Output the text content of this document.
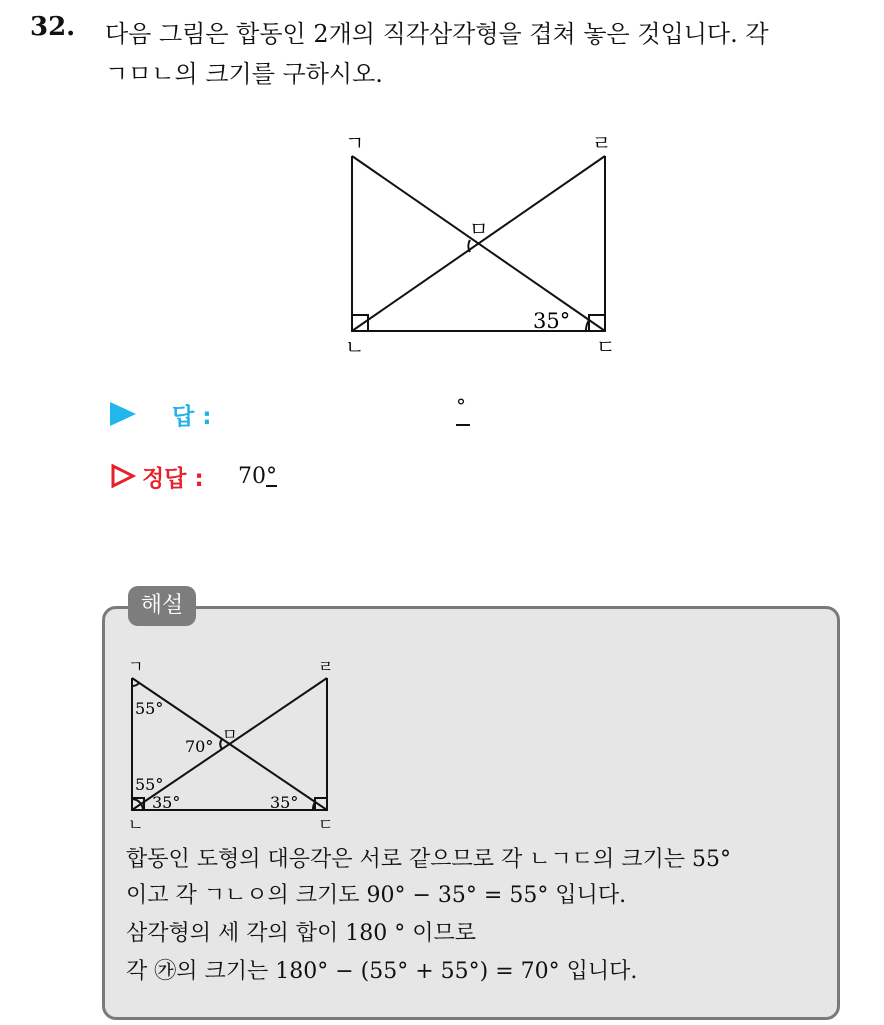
32. 다음 그림은 합동인 2개의 직각삼각형을 겹쳐 놓은 것입니다. 각
ㄱㅁㄴ의 크기를 구하시오.
ㄱ	ㄹ
ㅁ
ㄴ	ㄷ
35°
답 :	°
정답 : 70°
해설
ㄱ	ㄹ
ㅁ
ㄴ	ㄷ
55°
70°
55°
35°	35°
합동인 도형의 대응각은 서로 같으므로 각 ㄴㄱㄷ의 크기는 55°
이고 각 ㄱㄴㅇ의 크기도 90° − 35° = 55° 입니다.
삼각형의 세 각의 합이 180 ° 이므로
각 ㉮의 크기는 180° − (55° + 55°) = 70° 입니다.
